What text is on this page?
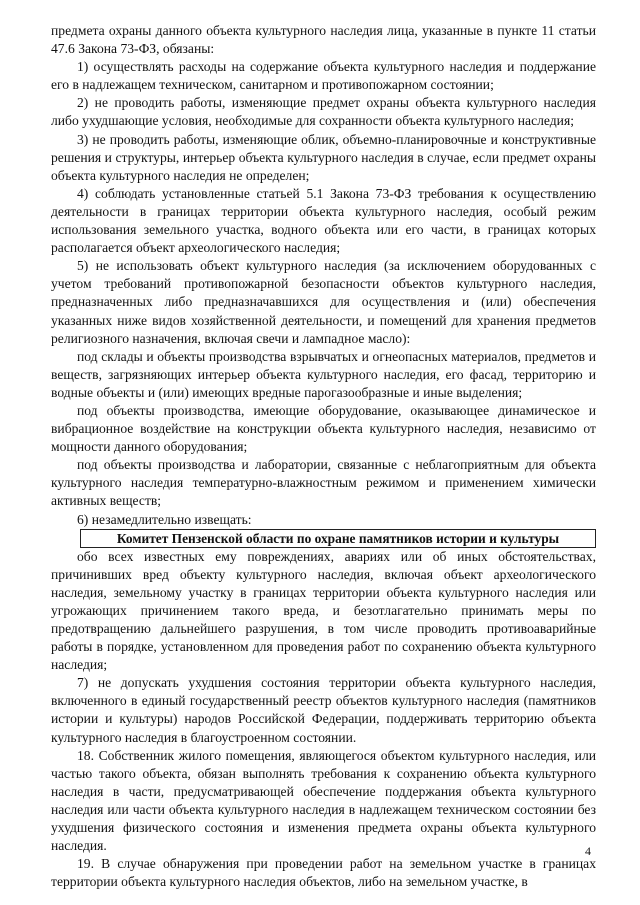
предмета охраны данного объекта культурного наследия лица, указанные в пункте 11 статьи 47.6 Закона 73-ФЗ, обязаны:

1) осуществлять расходы на содержание объекта культурного наследия и поддержание его в надлежащем техническом, санитарном и противопожарном состоянии;

2) не проводить работы, изменяющие предмет охраны объекта культурного наследия либо ухудшающие условия, необходимые для сохранности объекта культурного наследия;

3) не проводить работы, изменяющие облик, объемно-планировочные и конструктивные решения и структуры, интерьер объекта культурного наследия в случае, если предмет охраны объекта культурного наследия не определен;

4) соблюдать установленные статьей 5.1 Закона 73-ФЗ требования к осуществлению деятельности в границах территории объекта культурного наследия, особый режим использования земельного участка, водного объекта или его части, в границах которых располагается объект археологического наследия;

5) не использовать объект культурного наследия (за исключением оборудованных с учетом требований противопожарной безопасности объектов культурного наследия, предназначенных либо предназначавшихся для осуществления и (или) обеспечения указанных ниже видов хозяйственной деятельности, и помещений для хранения предметов религиозного назначения, включая свечи и лампадное масло):

под склады и объекты производства взрывчатых и огнеопасных материалов, предметов и веществ, загрязняющих интерьер объекта культурного наследия, его фасад, территорию и водные объекты и (или) имеющих вредные парогазообразные и иные выделения;

под объекты производства, имеющие оборудование, оказывающее динамическое и вибрационное воздействие на конструкции объекта культурного наследия, независимо от мощности данного оборудования;

под объекты производства и лаборатории, связанные с неблагоприятным для объекта культурного наследия температурно-влажностным режимом и применением химически активных веществ;

6) незамедлительно извещать:

Комитет Пензенской области по охране памятников истории и культуры

обо всех известных ему повреждениях, авариях или об иных обстоятельствах, причинивших вред объекту культурного наследия, включая объект археологического наследия, земельному участку в границах территории объекта культурного наследия или угрожающих причинением такого вреда, и безотлагательно принимать меры по предотвращению дальнейшего разрушения, в том числе проводить противоаварийные работы в порядке, установленном для проведения работ по сохранению объекта культурного наследия;

7) не допускать ухудшения состояния территории объекта культурного наследия, включенного в единый государственный реестр объектов культурного наследия (памятников истории и культуры) народов Российской Федерации, поддерживать территорию объекта культурного наследия в благоустроенном состоянии.

18. Собственник жилого помещения, являющегося объектом культурного наследия, или частью такого объекта, обязан выполнять требования к сохранению объекта культурного наследия в части, предусматривающей обеспечение поддержания объекта культурного наследия или части объекта культурного наследия в надлежащем техническом состоянии без ухудшения физического состояния и изменения предмета охраны объекта культурного наследия.

19. В случае обнаружения при проведении работ на земельном участке в границах территории объекта культурного наследия объектов, либо на земельном участке, в

4
